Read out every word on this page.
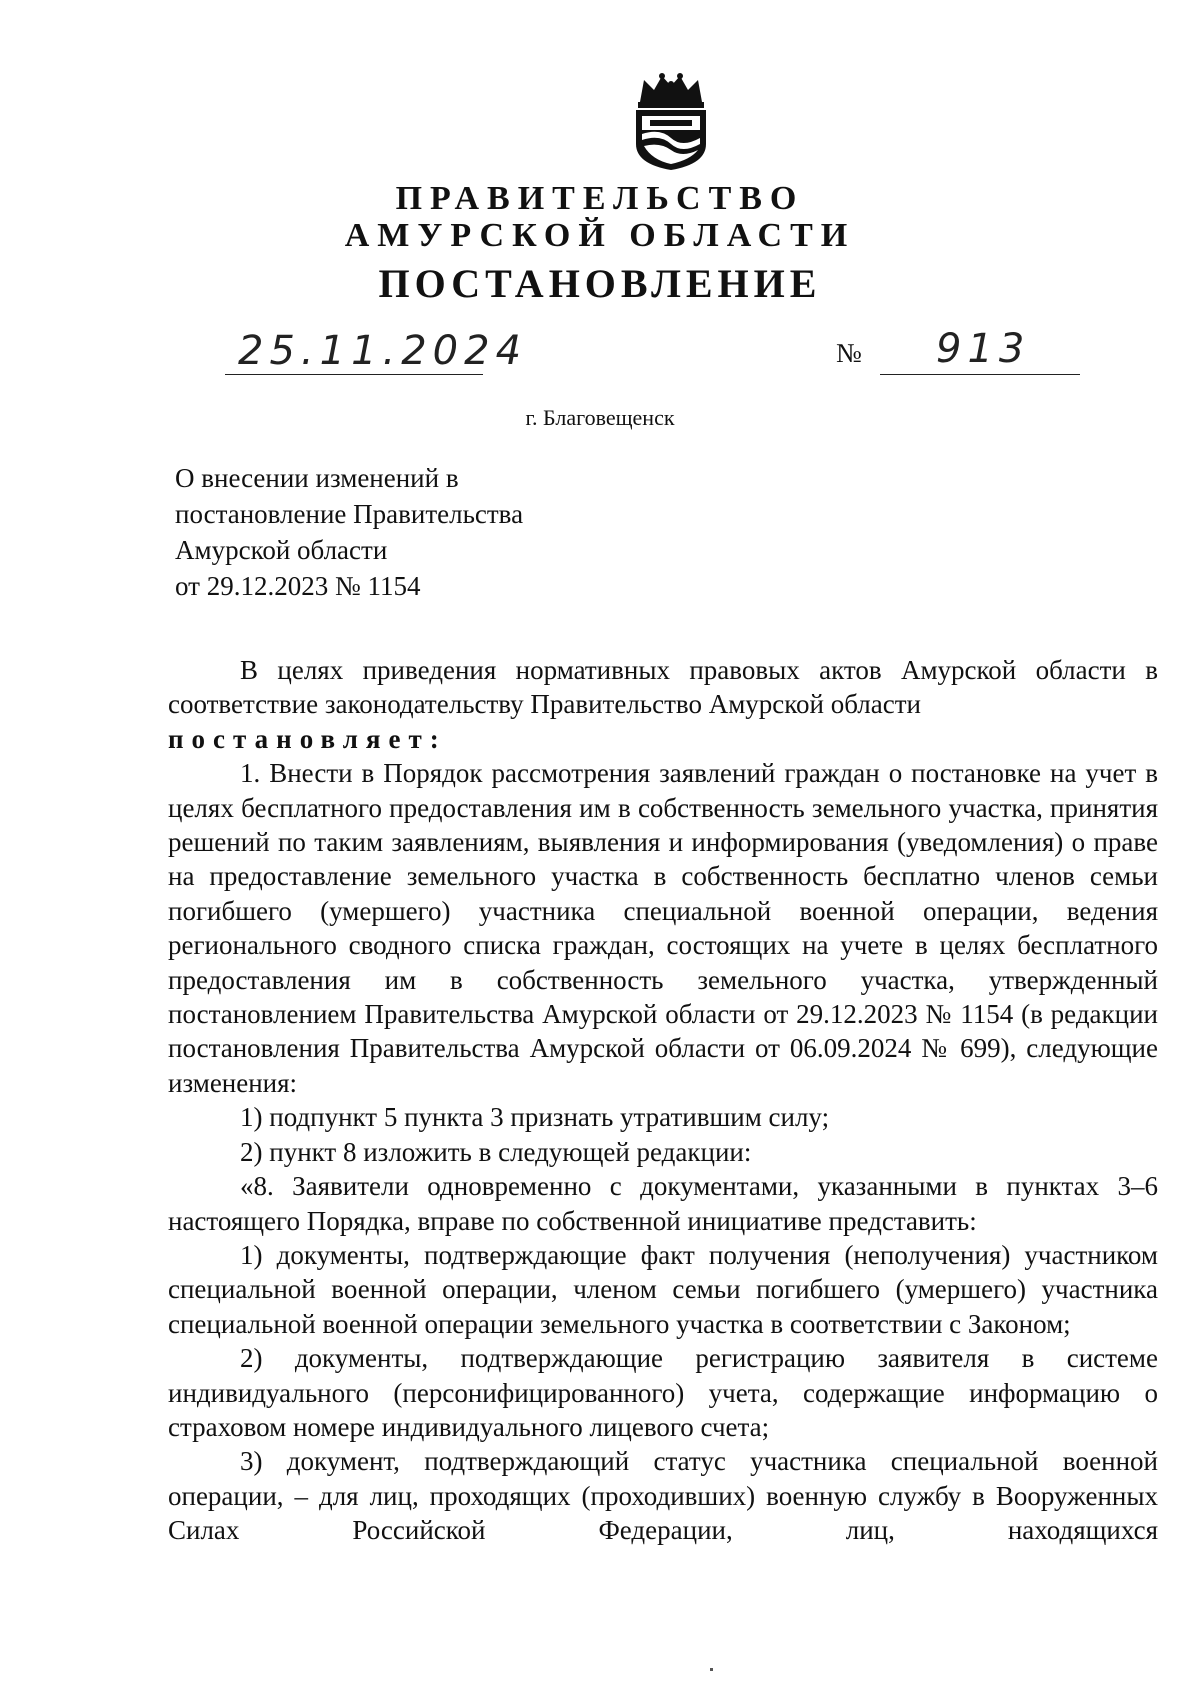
ПРАВИТЕЛЬСТВО
АМУРСКОЙ ОБЛАСТИ
ПОСТАНОВЛЕНИЕ
25.11.2024	№ 913
г. Благовещенск
О внесении изменений в
постановление Правительства
Амурской области
от 29.12.2023 № 1154

В целях приведения нормативных правовых актов Амурской области в соответствие законодательству Правительство Амурской области

постановляет:

1. Внести в Порядок рассмотрения заявлений граждан о постановке на учет в целях бесплатного предоставления им в собственность земельного участка, принятия решений по таким заявлениям, выявления и информирования (уведомления) о праве на предоставление земельного участка в собственность бесплатно членов семьи погибшего (умершего) участника специальной военной операции, ведения регионального сводного списка граждан, состоящих на учете в целях бесплатного предоставления им в собственность земельного участка, утвержденный постановлением Правительства Амурской области от 29.12.2023 № 1154 (в редакции постановления Правительства Амурской области от 06.09.2024 № 699), следующие изменения:

1) подпункт 5 пункта 3 признать утратившим силу;

2) пункт 8 изложить в следующей редакции:

«8. Заявители одновременно с документами, указанными в пунктах 3–6 настоящего Порядка, вправе по собственной инициативе представить:

1) документы, подтверждающие факт получения (неполучения) участником специальной военной операции, членом семьи погибшего (умершего) участника специальной военной операции земельного участка в соответствии с Законом;

2) документы, подтверждающие регистрацию заявителя в системе индивидуального (персонифицированного) учета, содержащие информацию о страховом номере индивидуального лицевого счета;

3) документ, подтверждающий статус участника специальной военной операции, – для лиц, проходящих (проходивших) военную службу в Вооруженных Силах Российской Федерации, лиц, находящихся
